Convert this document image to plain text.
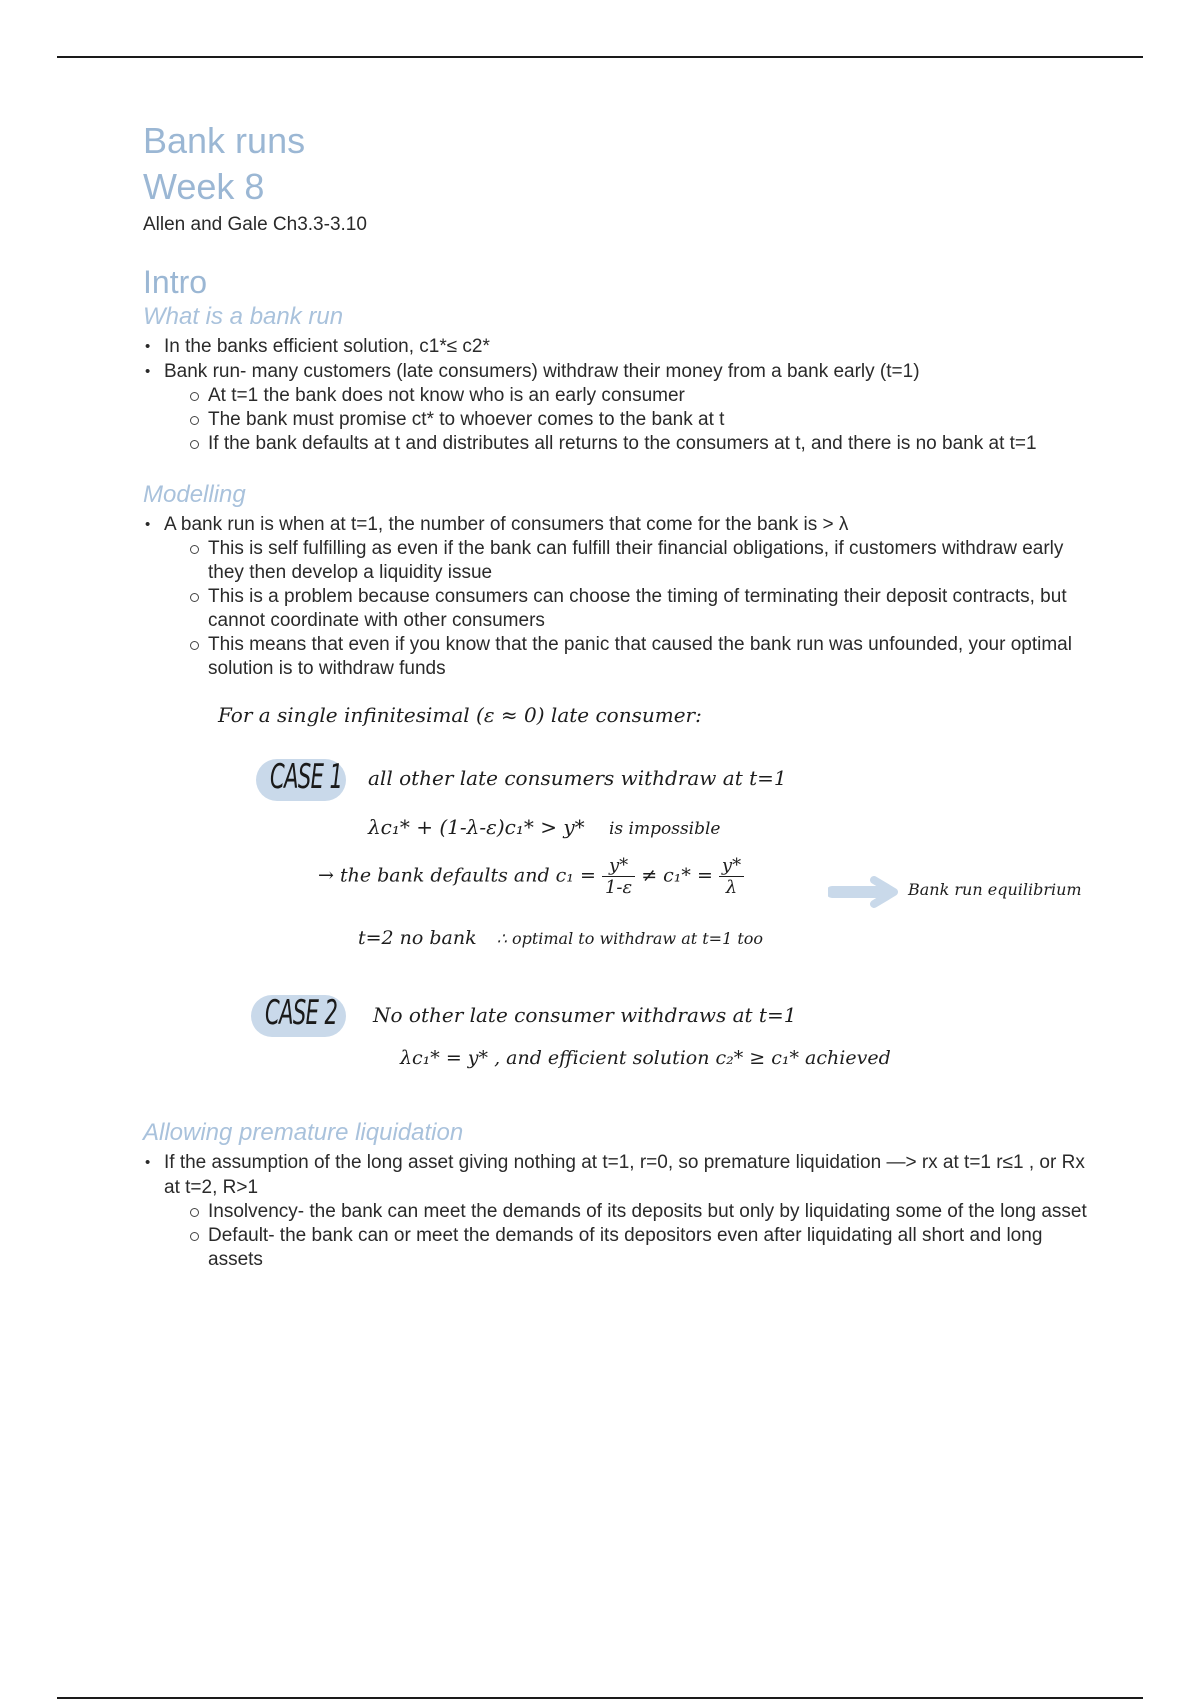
Bank runs
Week 8

Allen and Gale Ch3.3-3.10

Intro
What is a bank run
• In the banks efficient solution, c1*≤ c2*
• Bank run- many customers (late consumers) withdraw their money from a bank early (t=1)
At t=1 the bank does not know who is an early consumer
The bank must promise ct* to whoever comes to the bank at t
If the bank defaults at t and distributes all returns to the consumers at t, and there is no bank at t=1
Modelling
• A bank run is when at t=1, the number of consumers that come for the bank is > λ
This is self fulfilling as even if the bank can fulfill their financial obligations, if customers withdraw early they then develop a liquidity issue
This is a problem because consumers can choose the timing of terminating their deposit contracts, but cannot coordinate with other consumers
This means that even if you know that the panic that caused the bank run was unfounded, your optimal solution is to withdraw funds
For a single infinitesimal (ε ≈ 0) late consumer:
CASE 1 all other late consumers withdraw at t=1
λc₁* + (1-λ-ε)c₁* > y* is impossible
→ the bank defaults and $c_1 = \frac{y*}{1-\varepsilon} \ne c_1* = \frac{y*}{\lambda}$
t=2 no bank ∴ optimal to withdraw at t=1 too
Bank run equilibrium
CASE 2 No other late consumer withdraws at t=1
λc₁* = y* , and efficient solution c₂* ≥ c₁* achieved
Allowing premature liquidation
• If the assumption of the long asset giving nothing at t=1, r=0, so premature liquidation —> rx at t=1 r≤1 , or Rx at t=2, R>1
Insolvency- the bank can meet the demands of its deposits but only by liquidating some of the long asset
Default- the bank can or meet the demands of its depositors even after liquidating all short and long assets
